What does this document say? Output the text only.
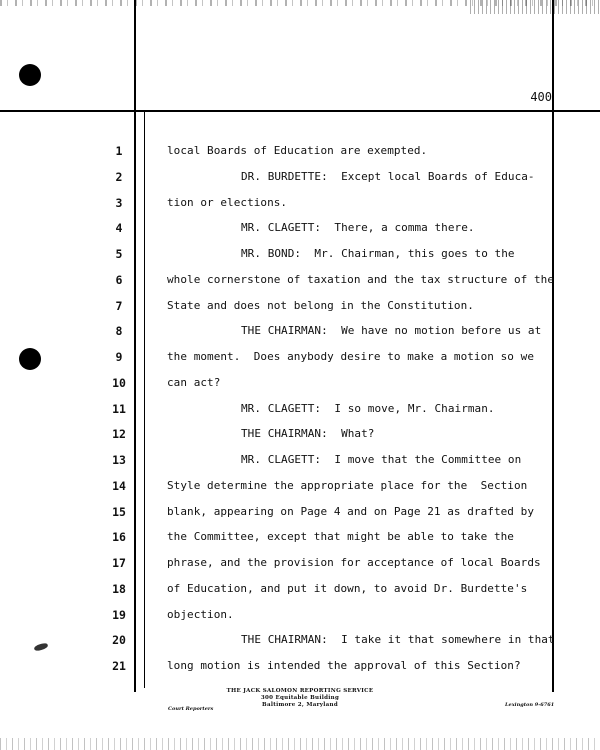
400
1
2
3
4
5
6
7
8
9
10
11
12
13
14
15
16
17
18
19
20
21
local Boards of Education are exempted.
DR. BURDETTE:  Except local Boards of Educa-
tion or elections.
MR. CLAGETT:  There, a comma there.
MR. BOND:  Mr. Chairman, this goes to the
whole cornerstone of taxation and the tax structure of the
State and does not belong in the Constitution.
THE CHAIRMAN:  We have no motion before us at
the moment.  Does anybody desire to make a motion so we
can act?
MR. CLAGETT:  I so move, Mr. Chairman.
THE CHAIRMAN:  What?
MR. CLAGETT:  I move that the Committee on
Style determine the appropriate place for the  Section
blank, appearing on Page 4 and on Page 21 as drafted by
the Committee, except that might be able to take the
phrase, and the provision for acceptance of local Boards
of Education, and put it down, to avoid Dr. Burdette's
objection.
THE CHAIRMAN:  I take it that somewhere in that
long motion is intended the approval of this Section?
THE JACK SALOMON REPORTING SERVICE
300 Equitable Building
Baltimore 2, Maryland
Court Reporters
Lexington 9-6761
